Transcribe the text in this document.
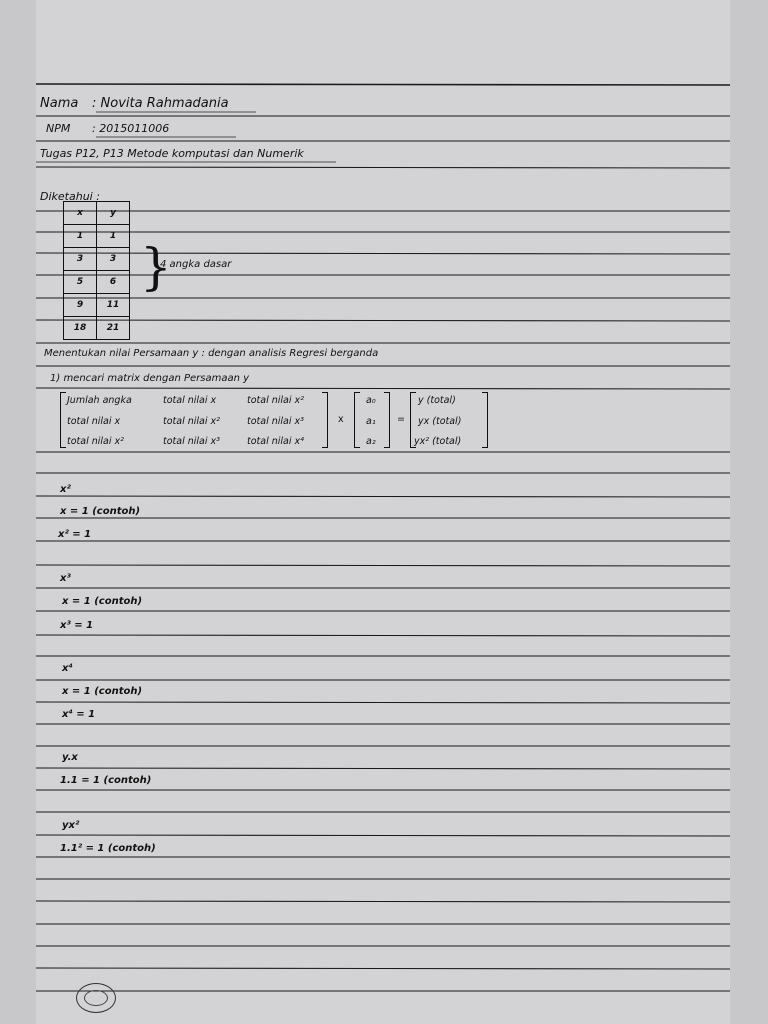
Nama : Novita Rahmadania
NPM : 2015011006
Tugas P12, P13 Metode komputasi dan Numerik
Diketahui :
x	y
1	1
3	3
5	6
9	11
18	21
}
4 angka dasar
Menentukan nilai Persamaan y : dengan analisis Regresi berganda
1) mencari matrix dengan Persamaan y
Jumlah angka	total nilai x	total nilai x²
total nilai x	total nilai x²	total nilai x³
total nilai x²	total nilai x³	total nilai x⁴
x
a₀
a₁
a₂
=
y (total)
yx (total)
yx² (total)
x²
x = 1 (contoh)
x² = 1
x³
x = 1 (contoh)
x³ = 1
x⁴
x = 1 (contoh)
x⁴ = 1
y.x
1.1 = 1 (contoh)
yx²
1.1² = 1 (contoh)
